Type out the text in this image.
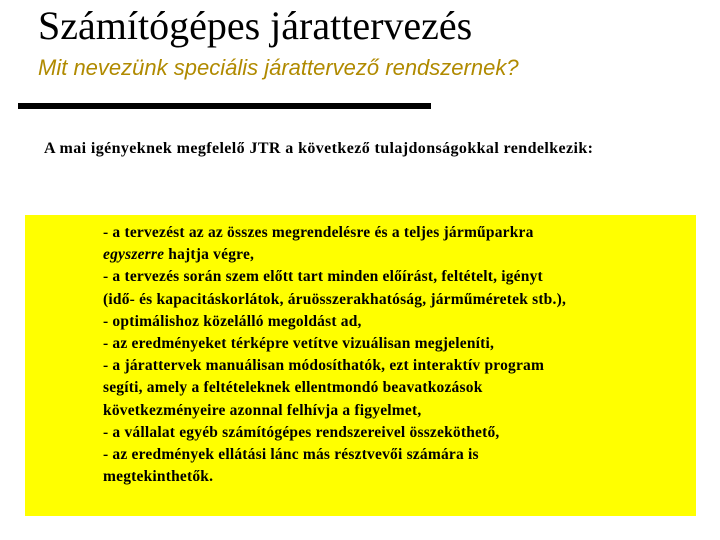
Számítógépes járattervezés

Mit nevezünk speciális járattervező rendszernek?

A mai igényeknek megfelelő JTR a következő tulajdonságokkal rendelkezik:
- a tervezést az az összes megrendelésre és a teljes járműparkra
egyszerre hajtja végre,
- a tervezés során szem előtt tart minden előírást, feltételt, igényt
(idő- és kapacitáskorlátok, áruösszerakhatóság, járműméretek stb.),
- optimálishoz közelálló megoldást ad,
- az eredményeket térképre vetítve vizuálisan megjeleníti,
- a járattervek manuálisan módosíthatók, ezt interaktív program
segíti, amely a feltételeknek ellentmondó beavatkozások
következményeire azonnal felhívja a figyelmet,
- a vállalat egyéb számítógépes rendszereivel összeköthető,
- az eredmények ellátási lánc más résztvevői számára is
megtekinthetők.
